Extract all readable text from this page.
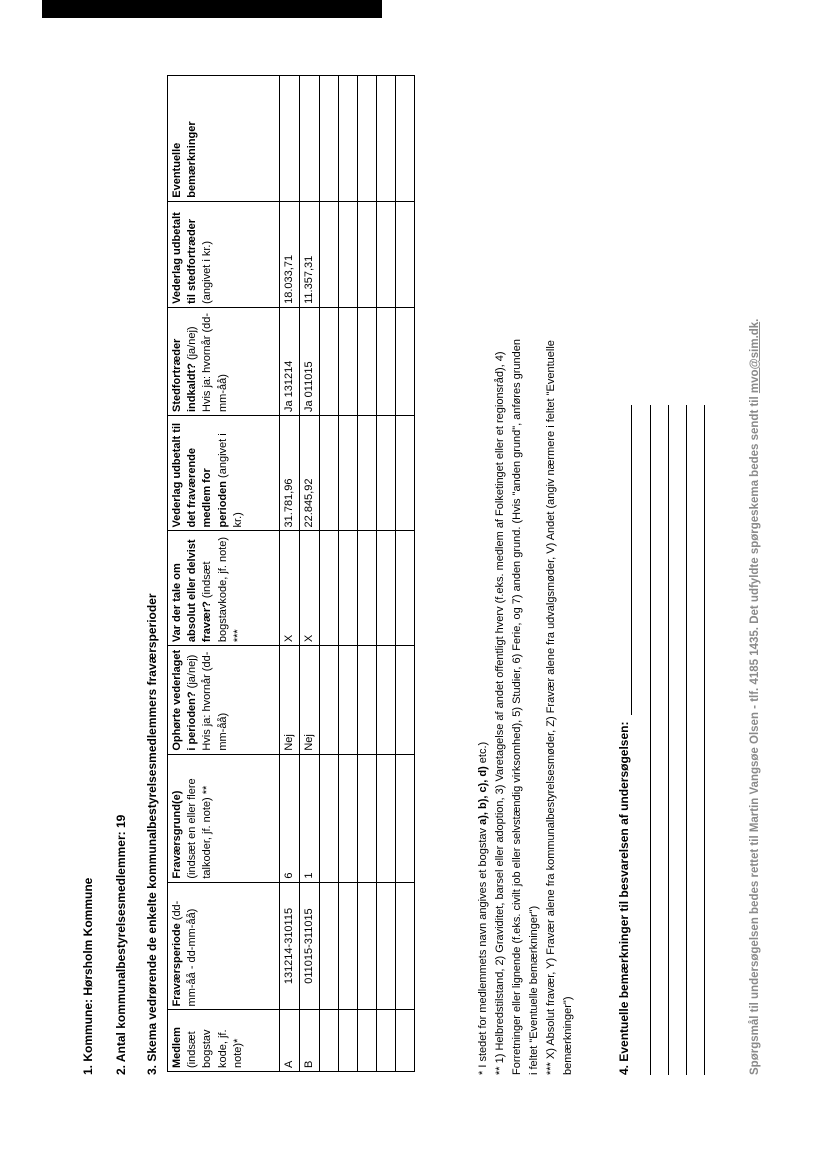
1. Kommune: Hørsholm Kommune 2. Antal kommunalbestyrelsesmedlemmer: 19 3. Skema vedrørende de enkelte kommunalbestyrelsesmedlemmers fraværsperioder Medlem (indsæt bogstav kode, jf. note)*	Fraværsperiode (dd-mm-åå - dd-mm-åå)	Fraværsgrund(e) (indsæt en eller flere talkoder, jf. note) **	Ophørte vederlaget i perioden? (ja/nej) Hvis ja: hvornår (dd-mm-åå)	Var der tale om absolut eller delvist fravær? (indsæt bogstavkode, jf. note) ***	Vederlag udbetalt til det fraværende medlem for perioden (angivet i kr.)	Stedfortræder indkaldt? (ja/nej) Hvis ja: hvornår (dd-mm-åå)	Vederlag udbetalt til stedfortræder (angivet i kr.)	Eventuelle bemærkninger
A	131214-310115	6	Nej	X	31.781,96	Ja 131214	18.033,71	
B	011015-311015	1	Nej	X	22.845,92	Ja 011015	11.357,31	

* I stedet for medlemmets navn angives et bogstav a), b), c), d) etc.) ** 1) Helbredstilstand, 2) Graviditet, barsel eller adoption, 3) Varetagelse af andet offentligt hverv (f.eks. medlem af Folketinget eller et regionsråd), 4) Forretninger eller lignende (f.eks. civilt job eller selvstændig virksomhed), 5) Studier, 6) Ferie, og 7) anden grund. (Hvis "anden grund", anføres grunden i feltet "Eventuelle bemærkninger") *** X) Absolut fravær, Y) Fravær alene fra kommunalbestyrelsesmøder, Z) Fravær alene fra udvalgsmøder, V) Andet (angiv nærmere i feltet "Eventuelle bemærkninger")	4. Eventuelle bemærkninger til besvarelsen af undersøgelsen:	Spørgsmål til undersøgelsen bedes rettet til Martin Vangsøe Olsen - tlf. 4185 1435. Det udfyldte spørgeskema bedes sendt til mvo@sim.dk.
